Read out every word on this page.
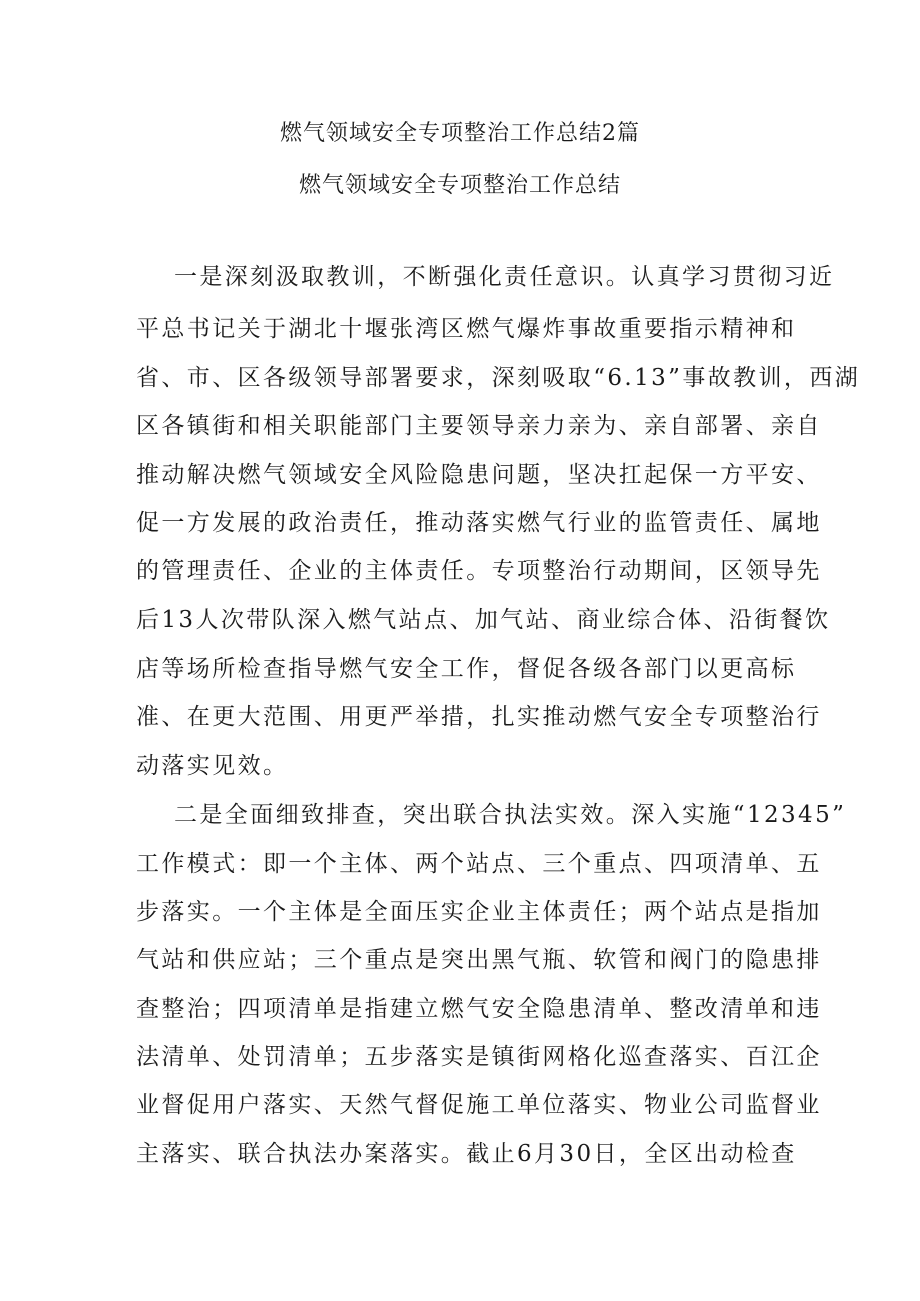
燃气领域安全专项整治工作总结2篇
燃气领域安全专项整治工作总结
一是深刻汲取教训，不断强化责任意识。认真学习贯彻习近
平总书记关于湖北十堰张湾区燃气爆炸事故重要指示精神和
省、市、区各级领导部署要求，深刻吸取“6.13”事故教训，西湖
区各镇街和相关职能部门主要领导亲力亲为、亲自部署、亲自
推动解决燃气领域安全风险隐患问题，坚决扛起保一方平安、
促一方发展的政治责任，推动落实燃气行业的监管责任、属地
的管理责任、企业的主体责任。专项整治行动期间，区领导先
后13人次带队深入燃气站点、加气站、商业综合体、沿街餐饮
店等场所检查指导燃气安全工作，督促各级各部门以更高标
准、在更大范围、用更严举措，扎实推动燃气安全专项整治行
动落实见效。
二是全面细致排查，突出联合执法实效。深入实施“12345”
工作模式：即一个主体、两个站点、三个重点、四项清单、五
步落实。一个主体是全面压实企业主体责任；两个站点是指加
气站和供应站；三个重点是突出黑气瓶、软管和阀门的隐患排
查整治；四项清单是指建立燃气安全隐患清单、整改清单和违
法清单、处罚清单；五步落实是镇街网格化巡查落实、百江企
业督促用户落实、天然气督促施工单位落实、物业公司监督业
主落实、联合执法办案落实。截止6月30日，全区出动检查
